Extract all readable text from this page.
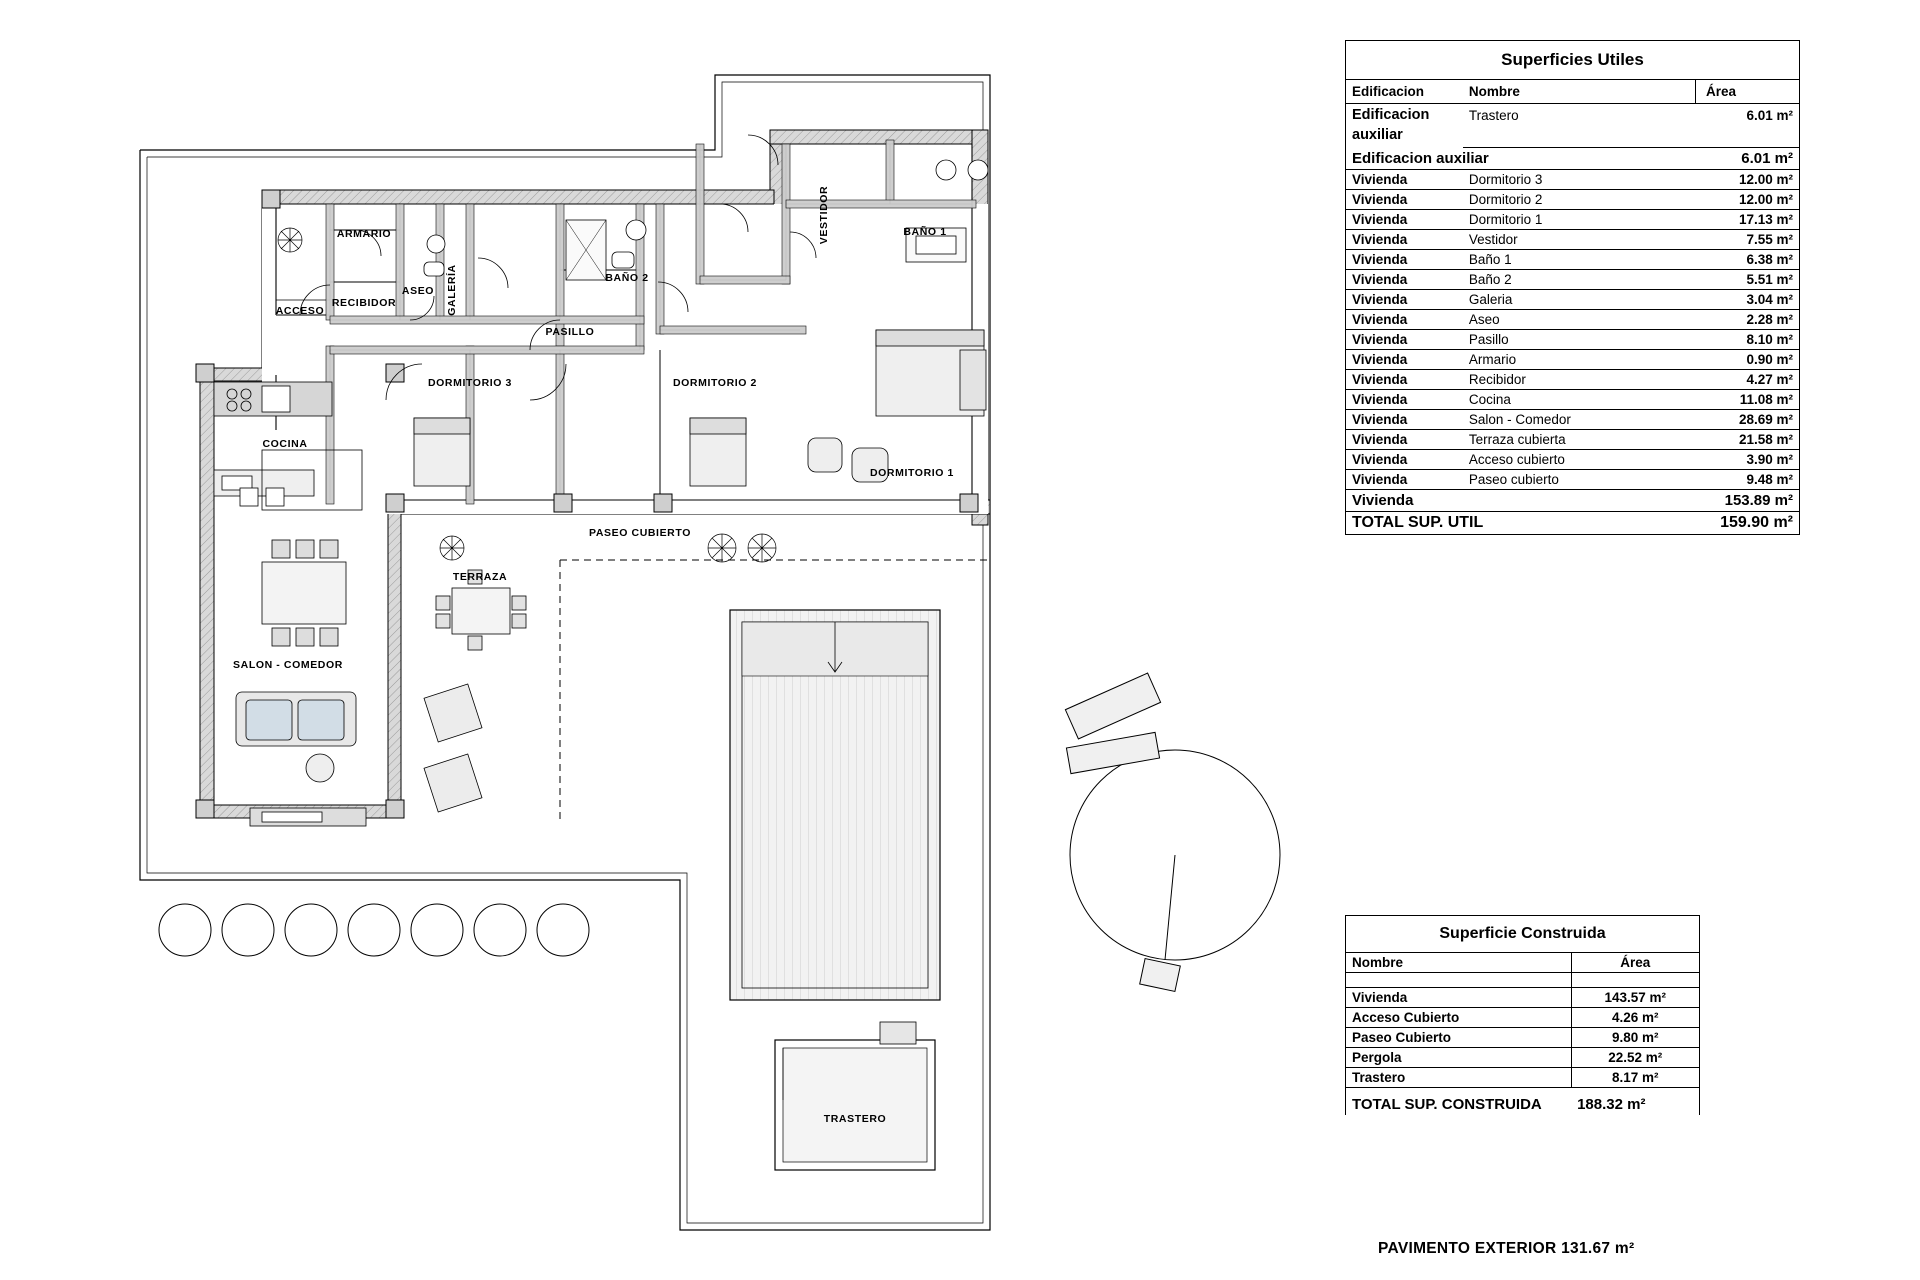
ACCESO
ARMARIO
RECIBIDOR
ASEO GALERÍA	BAÑO 2
VESTIDOR	BAÑO 1
PASILLO
DORMITORIO 3	DORMITORIO 2
DORMITORIO 1
COCINA
SALON - COMEDOR
TERRAZA
PASEO CUBIERTO
TRASTERO
Superficies Utiles		
Edificacion	Nombre	Área
Edificacion auxiliar	Trastero	6.01 m²

Edificacion auxiliar		6.01 m²
Vivienda	Dormitorio 3	12.00 m²
Vivienda	Dormitorio 2	12.00 m²
Vivienda	Dormitorio 1	17.13 m²
Vivienda	Vestidor	7.55 m²
Vivienda	Baño 1	6.38 m²
Vivienda	Baño 2	5.51 m²
Vivienda	Galeria	3.04 m²
Vivienda	Aseo	2.28 m²
Vivienda	Pasillo	8.10 m²
Vivienda	Armario	0.90 m²
Vivienda	Recibidor	4.27 m²
Vivienda	Cocina	11.08 m²
Vivienda	Salon - Comedor	28.69 m²
Vivienda	Terraza cubierta	21.58 m²
Vivienda	Acceso cubierto	3.90 m²
Vivienda	Paseo cubierto	9.48 m²
Vivienda		153.89 m²
TOTAL SUP. UTIL		159.90 m²
Superficie Construida	
Nombre	Área

Vivienda	143.57 m²
Acceso Cubierto	4.26 m²
Paseo Cubierto	9.80 m²
Pergola	22.52 m²
Trastero	8.17 m²
TOTAL SUP. CONSTRUIDA	188.32 m²
PAVIMENTO EXTERIOR 131.67 m²
